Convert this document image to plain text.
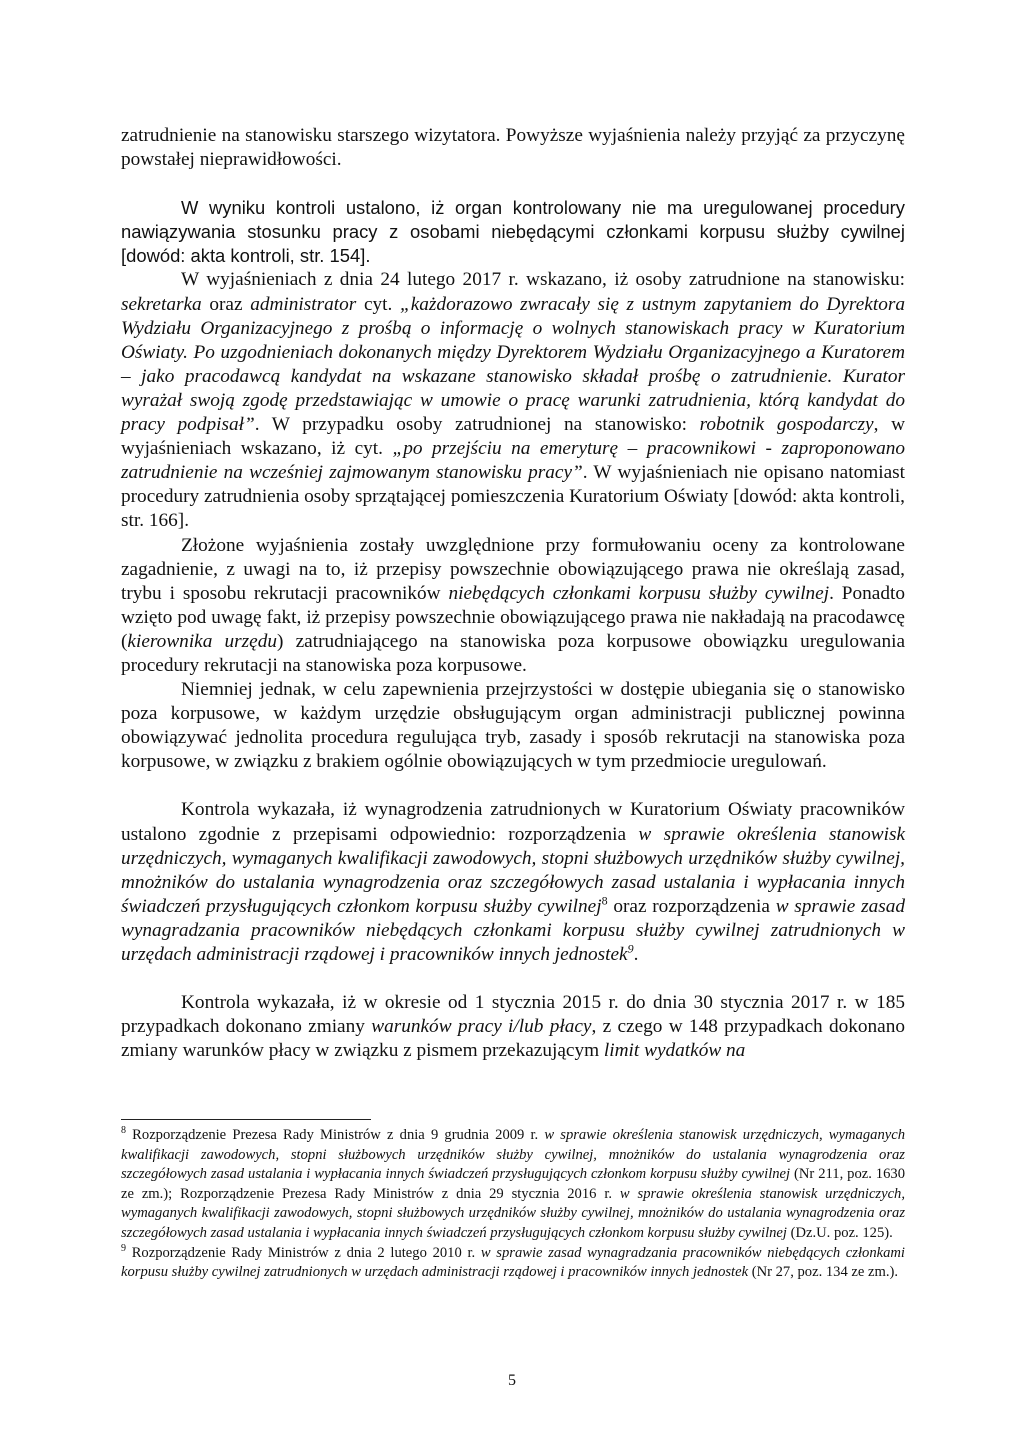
zatrudnienie na stanowisku starszego wizytatora. Powyższe wyjaśnienia należy przyjąć za przyczynę powstałej nieprawidłowości.

W wyniku kontroli ustalono, iż organ kontrolowany nie ma uregulowanej procedury nawiązywania stosunku pracy z osobami niebędącymi członkami korpusu służby cywilnej [dowód: akta kontroli, str. 154].

W wyjaśnieniach z dnia 24 lutego 2017 r. wskazano, iż osoby zatrudnione na stanowisku: sekretarka oraz administrator cyt. „każdorazowo zwracały się z ustnym zapytaniem do Dyrektora Wydziału Organizacyjnego z prośbą o informację o wolnych stanowiskach pracy w Kuratorium Oświaty. Po uzgodnieniach dokonanych między Dyrektorem Wydziału Organizacyjnego a Kuratorem – jako pracodawcą kandydat na wskazane stanowisko składał prośbę o zatrudnienie. Kurator wyrażał swoją zgodę przedstawiając w umowie o pracę warunki zatrudnienia, którą kandydat do pracy podpisał”. W przypadku osoby zatrudnionej na stanowisko: robotnik gospodarczy, w wyjaśnieniach wskazano, iż cyt. „po przejściu na emeryturę – pracownikowi - zaproponowano zatrudnienie na wcześniej zajmowanym stanowisku pracy”. W wyjaśnieniach nie opisano natomiast procedury zatrudnienia osoby sprzątającej pomieszczenia Kuratorium Oświaty [dowód: akta kontroli, str. 166].

Złożone wyjaśnienia zostały uwzględnione przy formułowaniu oceny za kontrolowane zagadnienie, z uwagi na to, iż przepisy powszechnie obowiązującego prawa nie określają zasad, trybu i sposobu rekrutacji pracowników niebędących członkami korpusu służby cywilnej. Ponadto wzięto pod uwagę fakt, iż przepisy powszechnie obowiązującego prawa nie nakładają na pracodawcę (kierownika urzędu) zatrudniającego na stanowiska poza korpusowe obowiązku uregulowania procedury rekrutacji na stanowiska poza korpusowe.

Niemniej jednak, w celu zapewnienia przejrzystości w dostępie ubiegania się o stanowisko poza korpusowe, w każdym urzędzie obsługującym organ administracji publicznej powinna obowiązywać jednolita procedura regulująca tryb, zasady i sposób rekrutacji na stanowiska poza korpusowe, w związku z brakiem ogólnie obowiązujących w tym przedmiocie uregulowań.

Kontrola wykazała, iż wynagrodzenia zatrudnionych w Kuratorium Oświaty pracowników ustalono zgodnie z przepisami odpowiednio: rozporządzenia w sprawie określenia stanowisk urzędniczych, wymaganych kwalifikacji zawodowych, stopni służbowych urzędników służby cywilnej, mnożników do ustalania wynagrodzenia oraz szczegółowych zasad ustalania i wypłacania innych świadczeń przysługujących członkom korpusu służby cywilnej$^8$ oraz rozporządzenia w sprawie zasad wynagradzania pracowników niebędących członkami korpusu służby cywilnej zatrudnionych w urzędach administracji rządowej i pracowników innych jednostek$^9$.

Kontrola wykazała, iż w okresie od 1 stycznia 2015 r. do dnia 30 stycznia 2017 r. w 185 przypadkach dokonano zmiany warunków pracy i/lub płacy, z czego w 148 przypadkach dokonano zmiany warunków płacy w związku z pismem przekazującym limit wydatków na

$^8$ Rozporządzenie Prezesa Rady Ministrów z dnia 9 grudnia 2009 r. w sprawie określenia stanowisk urzędniczych, wymaganych kwalifikacji zawodowych, stopni służbowych urzędników służby cywilnej, mnożników do ustalania wynagrodzenia oraz szczegółowych zasad ustalania i wypłacania innych świadczeń przysługujących członkom korpusu służby cywilnej (Nr 211, poz. 1630 ze zm.); Rozporządzenie Prezesa Rady Ministrów z dnia 29 stycznia 2016 r. w sprawie określenia stanowisk urzędniczych, wymaganych kwalifikacji zawodowych, stopni służbowych urzędników służby cywilnej, mnożników do ustalania wynagrodzenia oraz szczegółowych zasad ustalania i wypłacania innych świadczeń przysługujących członkom korpusu służby cywilnej (Dz.U. poz. 125).

$^9$ Rozporządzenie Rady Ministrów z dnia 2 lutego 2010 r. w sprawie zasad wynagradzania pracowników niebędących członkami korpusu służby cywilnej zatrudnionych w urzędach administracji rządowej i pracowników innych jednostek (Nr 27, poz. 134 ze zm.).

5
